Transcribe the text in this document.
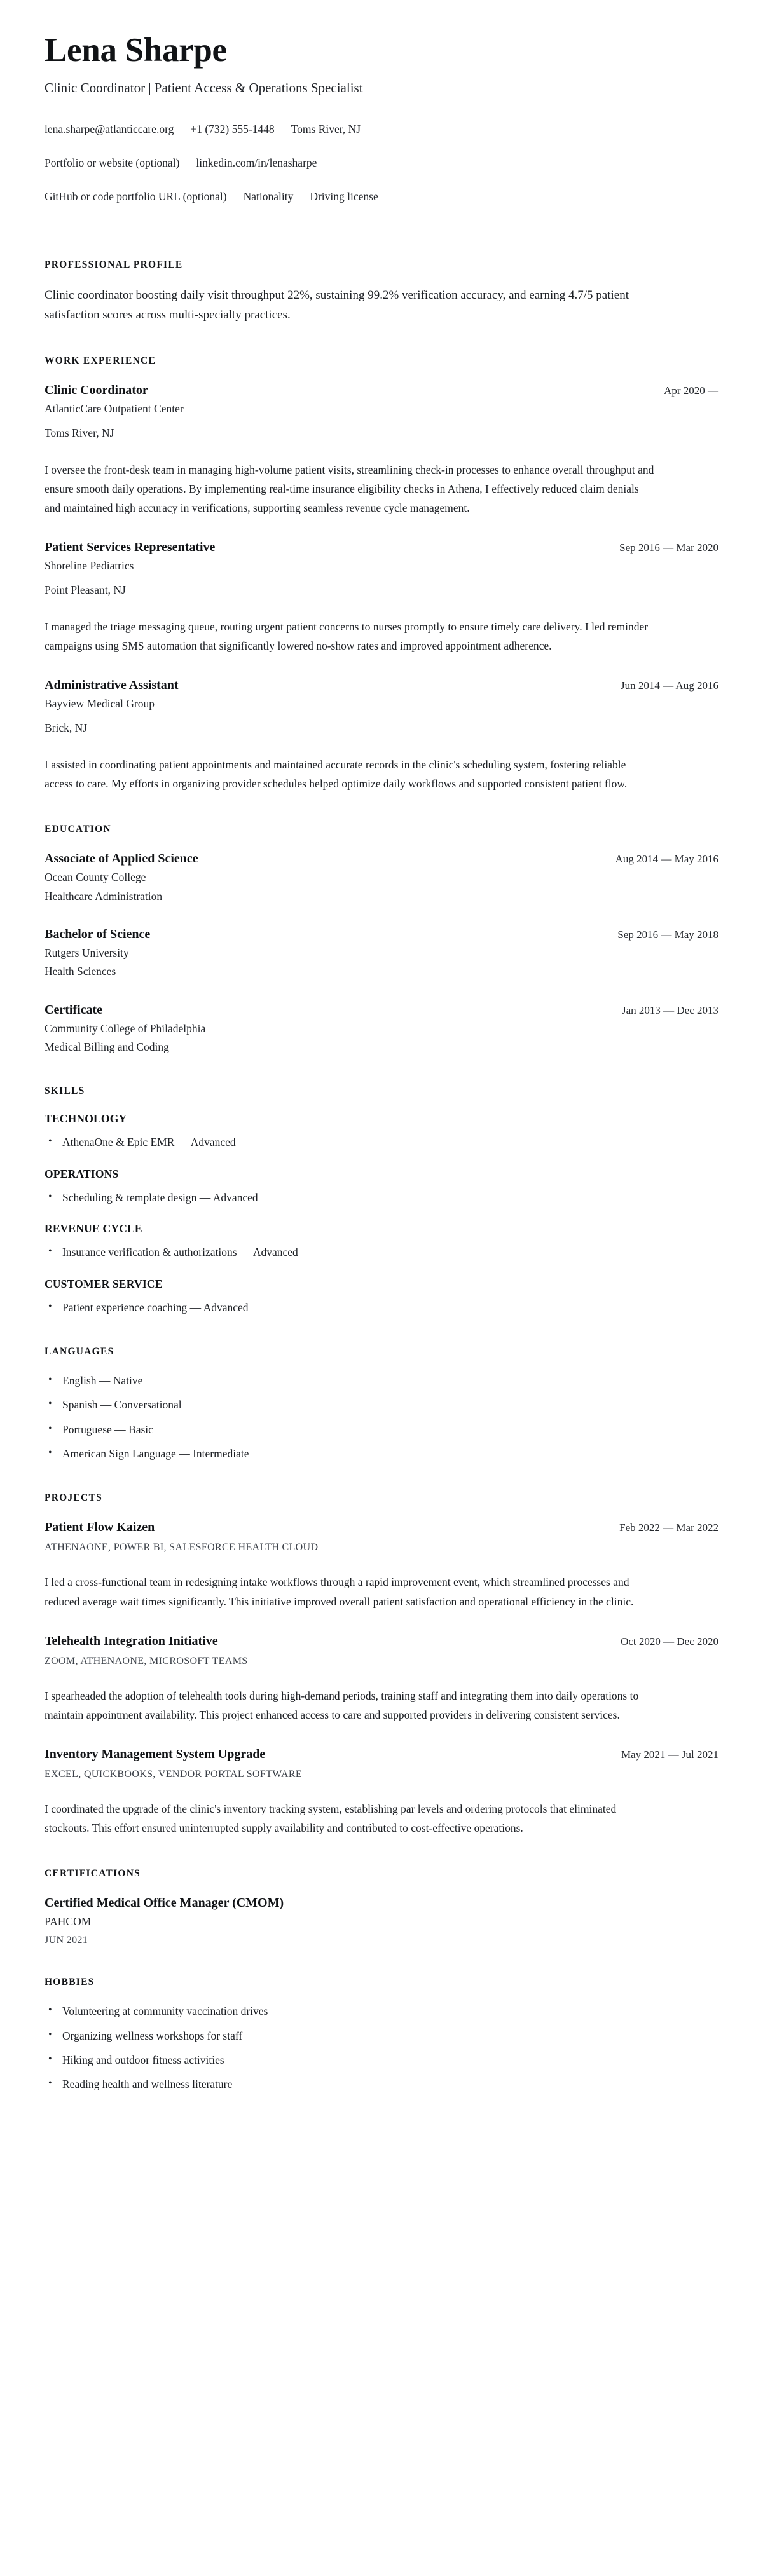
Lena Sharpe

Clinic Coordinator | Patient Access & Operations Specialist

lena.sharpe@atlanticcare.org +1 (732) 555-1448 Toms River, NJ
Portfolio or website (optional) linkedin.com/in/lenasharpe
GitHub or code portfolio URL (optional) Nationality Driving license
PROFESSIONAL PROFILE

Clinic coordinator boosting daily visit throughput 22%, sustaining 99.2% verification accuracy, and earning 4.7/5 patient satisfaction scores across multi-specialty practices.

WORK EXPERIENCE
Clinic Coordinator	Apr 2020 —

AtlanticCare Outpatient Center

Toms River, NJ

I oversee the front-desk team in managing high-volume patient visits, streamlining check-in processes to enhance overall throughput and ensure smooth daily operations. By implementing real-time insurance eligibility checks in Athena, I effectively reduced claim denials and maintained high accuracy in verifications, supporting seamless revenue cycle management.

Patient Services Representative	Sep 2016 — Mar 2020

Shoreline Pediatrics

Point Pleasant, NJ

I managed the triage messaging queue, routing urgent patient concerns to nurses promptly to ensure timely care delivery. I led reminder campaigns using SMS automation that significantly lowered no-show rates and improved appointment adherence.

Administrative Assistant	Jun 2014 — Aug 2016

Bayview Medical Group

Brick, NJ

I assisted in coordinating patient appointments and maintained accurate records in the clinic's scheduling system, fostering reliable access to care. My efforts in organizing provider schedules helped optimize daily workflows and supported consistent patient flow.

EDUCATION
Associate of Applied Science	Aug 2014 — May 2016

Ocean County College

Healthcare Administration

Bachelor of Science	Sep 2016 — May 2018

Rutgers University

Health Sciences

Certificate	Jan 2013 — Dec 2013

Community College of Philadelphia

Medical Billing and Coding

SKILLS
TECHNOLOGY
• AthenaOne & Epic EMR — Advanced
OPERATIONS
• Scheduling & template design — Advanced
REVENUE CYCLE
• Insurance verification & authorizations — Advanced
CUSTOMER SERVICE
• Patient experience coaching — Advanced
LANGUAGES
• English — Native
• Spanish — Conversational
• Portuguese — Basic
• American Sign Language — Intermediate
PROJECTS
Patient Flow Kaizen	Feb 2022 — Mar 2022

ATHENAONE, POWER BI, SALESFORCE HEALTH CLOUD

I led a cross-functional team in redesigning intake workflows through a rapid improvement event, which streamlined processes and reduced average wait times significantly. This initiative improved overall patient satisfaction and operational efficiency in the clinic.

Telehealth Integration Initiative	Oct 2020 — Dec 2020

ZOOM, ATHENAONE, MICROSOFT TEAMS

I spearheaded the adoption of telehealth tools during high-demand periods, training staff and integrating them into daily operations to maintain appointment availability. This project enhanced access to care and supported providers in delivering consistent services.

Inventory Management System Upgrade	May 2021 — Jul 2021

EXCEL, QUICKBOOKS, VENDOR PORTAL SOFTWARE

I coordinated the upgrade of the clinic's inventory tracking system, establishing par levels and ordering protocols that eliminated stockouts. This effort ensured uninterrupted supply availability and contributed to cost-effective operations.

CERTIFICATIONS
Certified Medical Office Manager (CMOM)

PAHCOM

JUN 2021

HOBBIES
• Volunteering at community vaccination drives
• Organizing wellness workshops for staff
• Hiking and outdoor fitness activities
• Reading health and wellness literature
